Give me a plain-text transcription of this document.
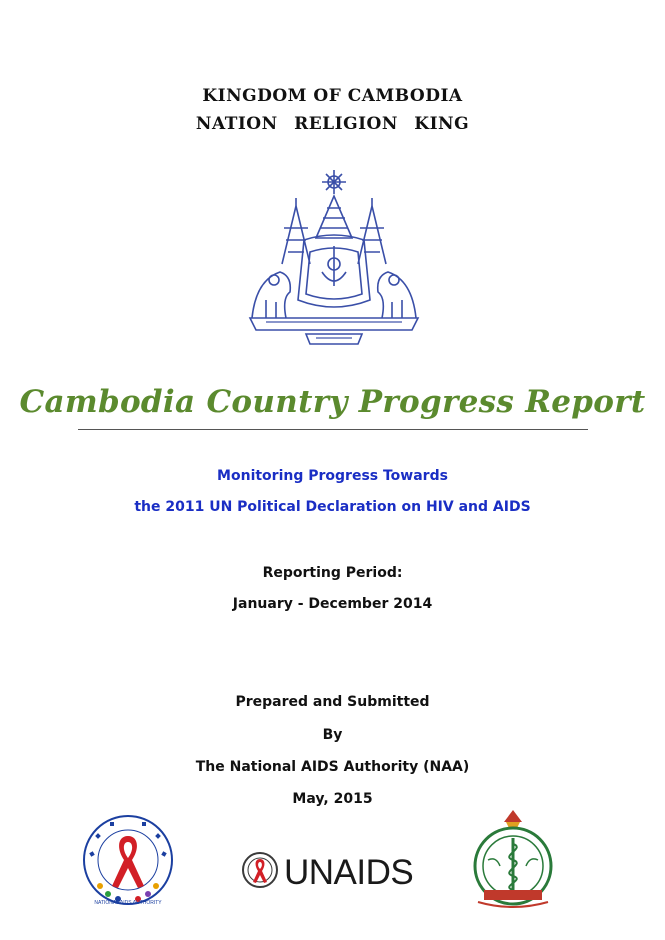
KINGDOM OF CAMBODIA
NATION RELIGION KING
Cambodia Country Progress Report
Monitoring Progress Towards
the 2011 UN Political Declaration on HIV and AIDS
Reporting Period:
January - December 2014
Prepared and Submitted
By
The National AIDS Authority (NAA)
May, 2015
NATIONAL AIDS AUTHORITY
UNAIDS
